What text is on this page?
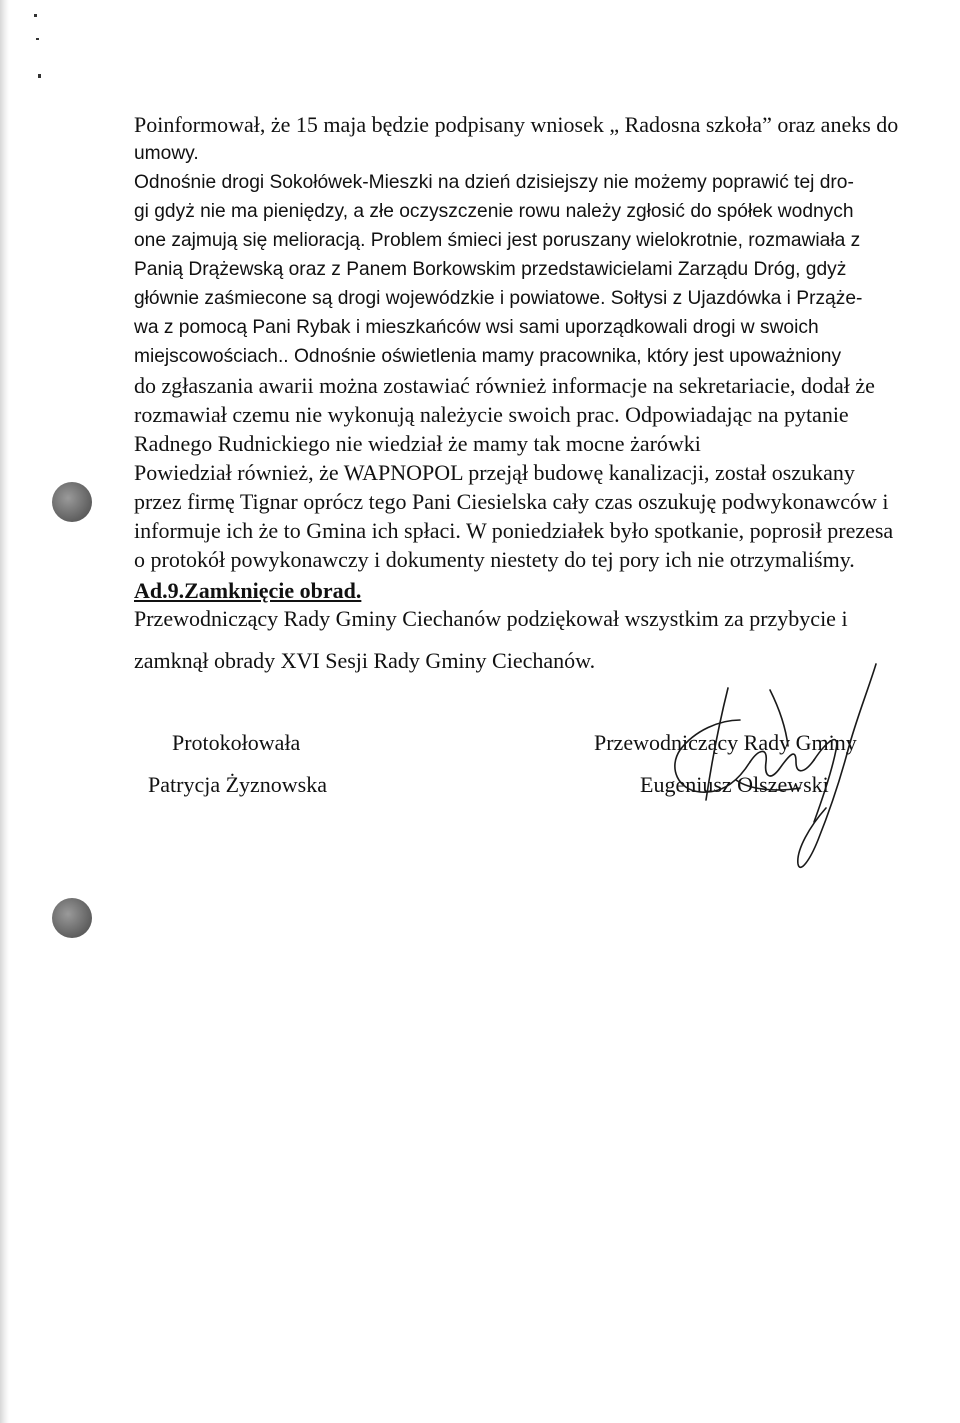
Poinformował, że 15 maja będzie podpisany wniosek „ Radosna szkoła” oraz aneks do
umowy.
Odnośnie drogi Sokołówek-Mieszki na dzień dzisiejszy nie możemy poprawić tej dro-
gi gdyż nie ma pieniędzy, a złe oczyszczenie rowu należy zgłosić do spółek wodnych
one zajmują się melioracją. Problem śmieci jest poruszany wielokrotnie, rozmawiała z
Panią Drążewską oraz z Panem Borkowskim przedstawicielami Zarządu Dróg, gdyż
głównie zaśmiecone są drogi wojewódzkie i powiatowe. Sołtysi z Ujazdówka i Prząże-
wa z pomocą Pani Rybak i mieszkańców wsi sami uporządkowali drogi w swoich
miejscowościach.. Odnośnie oświetlenia mamy pracownika, który jest upoważniony
do zgłaszania awarii można zostawiać również informacje na sekretariacie, dodał że
rozmawiał czemu nie wykonują należycie swoich prac. Odpowiadając na pytanie
Radnego Rudnickiego nie wiedział że mamy tak mocne żarówki
Powiedział również, że WAPNOPOL przejął budowę kanalizacji, został oszukany
przez firmę Tignar oprócz tego Pani Ciesielska cały czas oszukuję podwykonawców i
informuje ich że to Gmina ich spłaci. W poniedziałek było spotkanie, poprosił prezesa
o protokół powykonawczy i dokumenty niestety do tej pory ich nie otrzymaliśmy.

Ad.9.Zamknięcie obrad.

Przewodniczący Rady Gminy Ciechanów podziękował wszystkim za przybycie i

zamknął obrady XVI Sesji Rady Gminy Ciechanów.

Protokołowała

Patrycja Żyznowska

Przewodniczący Rady Gminy

Eugeniusz Olszewski
